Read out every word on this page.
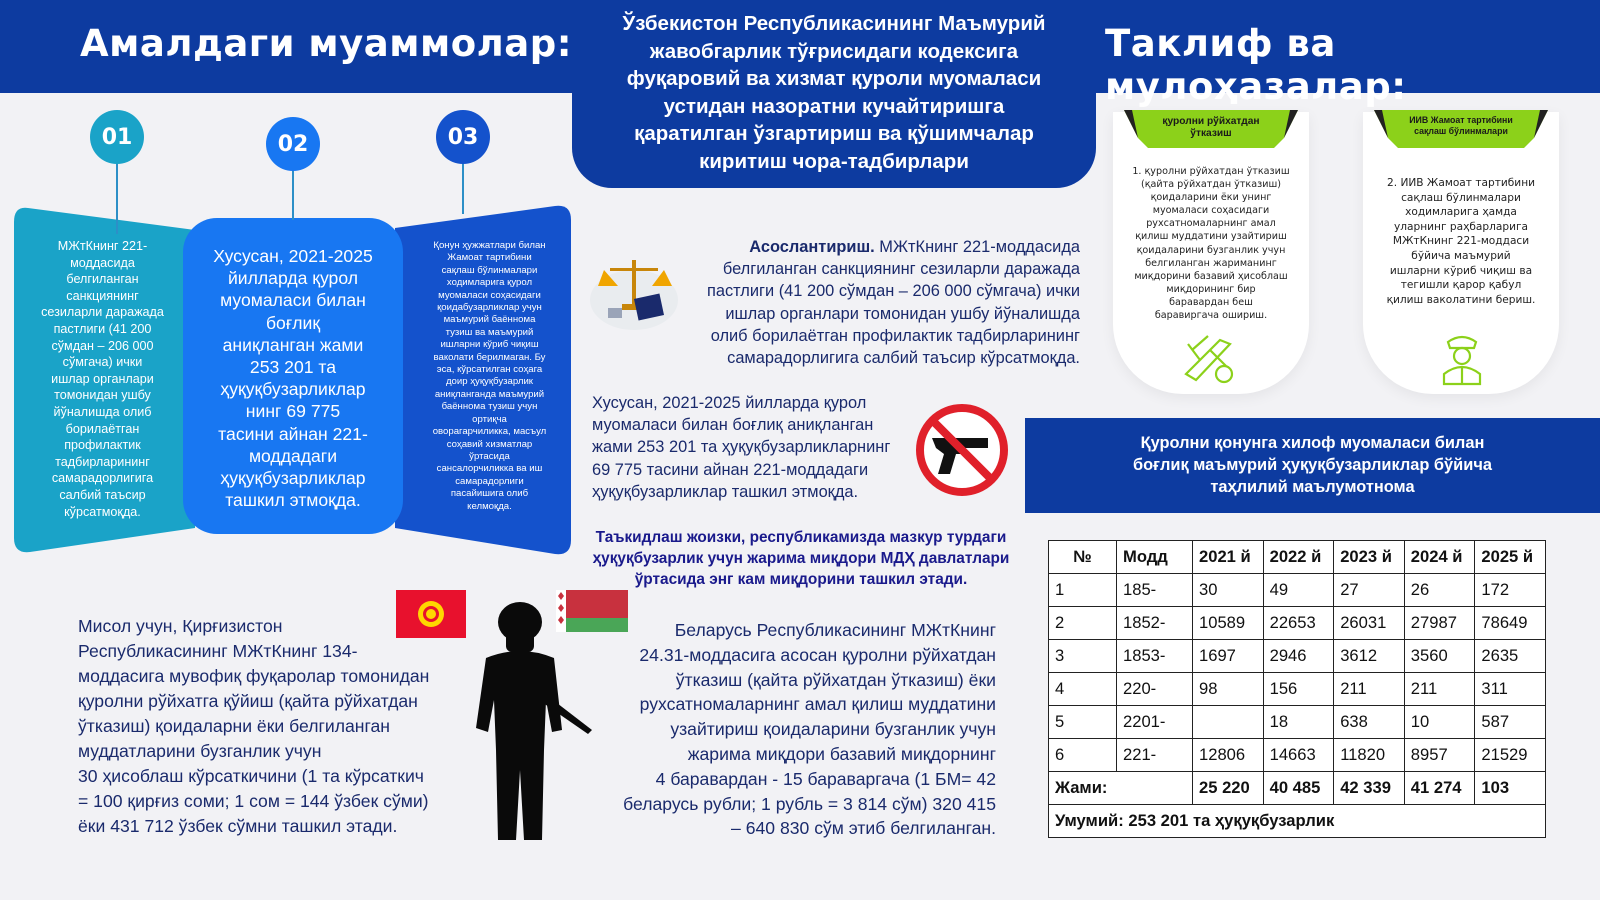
Амалдаги муаммолар:	Таклиф ва мулоҳазалар:
Ўзбекистон Республикасининг Маъмурий
жавобгарлик тўғрисидаги кодексига
фуқаровий ва хизмат қуроли муомаласи
устидан назоратни кучайтиришга
қаратилган ўзгартириш ва қўшимчалар
киритиш чора-тадбирлари
01	02	03
МЖтКнинг 221-
моддасида
белгиланган
санкциянинг
сезиларли даражада
пастлиги (41 200
сўмдан – 206 000
сўмгача) ички
ишлар органлари
томонидан ушбу
йўналишда олиб
борилаётган
профилактик
тадбирларининг
самарадорлигига
салбий таъсир
кўрсатмоқда.
Хусусан, 2021-2025
йилларда қурол
муомаласи билан
боғлиқ
аниқланган жами
253 201 та
ҳуқуқбузарликлар
нинг 69 775
тасини айнан 221-
моддадаги
ҳуқуқбузарликлар
ташкил этмоқда.
Қонун ҳужжатлари билан
Жамоат тартибини
сақлаш бўлинмалари
ходимларига қурол
муомаласи соҳасидаги
қоидабузарликлар учун
маъмурий баённома
тузиш ва маъмурий
ишларни кўриб чиқиш
ваколати берилмаган. Бу
эса, кўрсатилган соҳага
доир ҳуқуқбузарлик
аниқланганда маъмурий
баённома тузиш учун
ортиқча
оворагарчиликка, масъул
соҳавий хизматлар
ўртасида
сансалорчиликка ва иш
самарадорлиги
пасайишига олиб
келмоқда.
Асослантириш. МЖтКнинг 221-моддасида
белгиланган санкциянинг сезиларли даражада
пастлиги (41 200 сўмдан – 206 000 сўмгача) ички
ишлар органлари томонидан ушбу йўналишда
олиб борилаётган профилактик тадбирларининг
самарадорлигига салбий таъсир кўрсатмоқда.
Хусусан, 2021-2025 йилларда қурол
муомаласи билан боғлиқ аниқланган
жами 253 201 та ҳуқуқбузарликларнинг
69 775 тасини айнан 221-моддадаги
ҳуқуқбузарликлар ташкил этмоқда.
Таъкидлаш жоизки, республикамизда мазкур турдаги
ҳуқуқбузарлик учун жарима миқдори МДҲ давлатлари
ўртасида энг кам миқдорини ташкил этади.
Мисол учун, Қирғизистон
Республикасининг МЖтКнинг 134-
моддасига мувофиқ фуқаролар томонидан
қуролни рўйхатга қўйиш (қайта рўйхатдан
ўтказиш) қоидаларни ёки белгиланган
муддатларини бузганлик учун
30 ҳисоблаш кўрсаткичини (1 та кўрсаткич
= 100 қирғиз соми; 1 сом = 144 ўзбек сўми)
ёки 431 712 ўзбек сўмни ташкил этади.
Беларусь Республикасининг МЖтКнинг
24.31-моддасига асосан қуролни рўйхатдан
ўтказиш (қайта рўйхатдан ўтказиш) ёки
рухсатномаларнинг амал қилиш муддатини
узайтириш қоидаларини бузганлик учун
жарима миқдори базавий миқдорнинг
4 баравардан - 15 бараваргача (1 БМ= 42
беларусь рубли; 1 рубль = 3 814 сўм) 320 415
– 640 830 сўм этиб белгиланган.
қуролни рўйхатдан
ўтказиш
1. қуролни рўйхатдан ўтказиш
(қайта рўйхатдан ўтказиш)
қоидаларини ёки унинг
муомаласи соҳасидаги
рухсатномаларнинг амал
қилиш муддатини узайтириш
қоидаларини бузганлик учун
белгиланган жариманинг
миқдорини базавий ҳисоблаш
миқдорининг бир
баравардан беш
баравиргача ошириш.
ИИВ Жамоат тартибини
сақлаш бўлинмалари
2. ИИВ Жамоат тартибини
сақлаш бўлинмалари
ходимларига ҳамда
уларнинг раҳбарларига
МЖтКнинг 221-моддаси
бўйича маъмурий
ишларни кўриб чиқиш ва
тегишли қарор қабул
қилиш ваколатини бериш.
Қуролни қонунга хилоф муомаласи билан
боғлиқ маъмурий ҳуқуқбузарликлар бўйича
таҳлилий маълумотнома
№	Модд	2021 й	2022 й	2023 й	2024 й	2025 й
1	185-	30	49	27	26	172
2	1852-	10589	22653	26031	27987	78649
3	1853-	1697	2946	3612	3560	2635
4	220-	98	156	211	211	311
5	2201-		18	638	10	587
6	221-	12806	14663	11820	8957	21529
Жами:		25 220	40 485	42 339	41 274	103
Умумий: 253 201 та ҳуқуқбузарлик						
